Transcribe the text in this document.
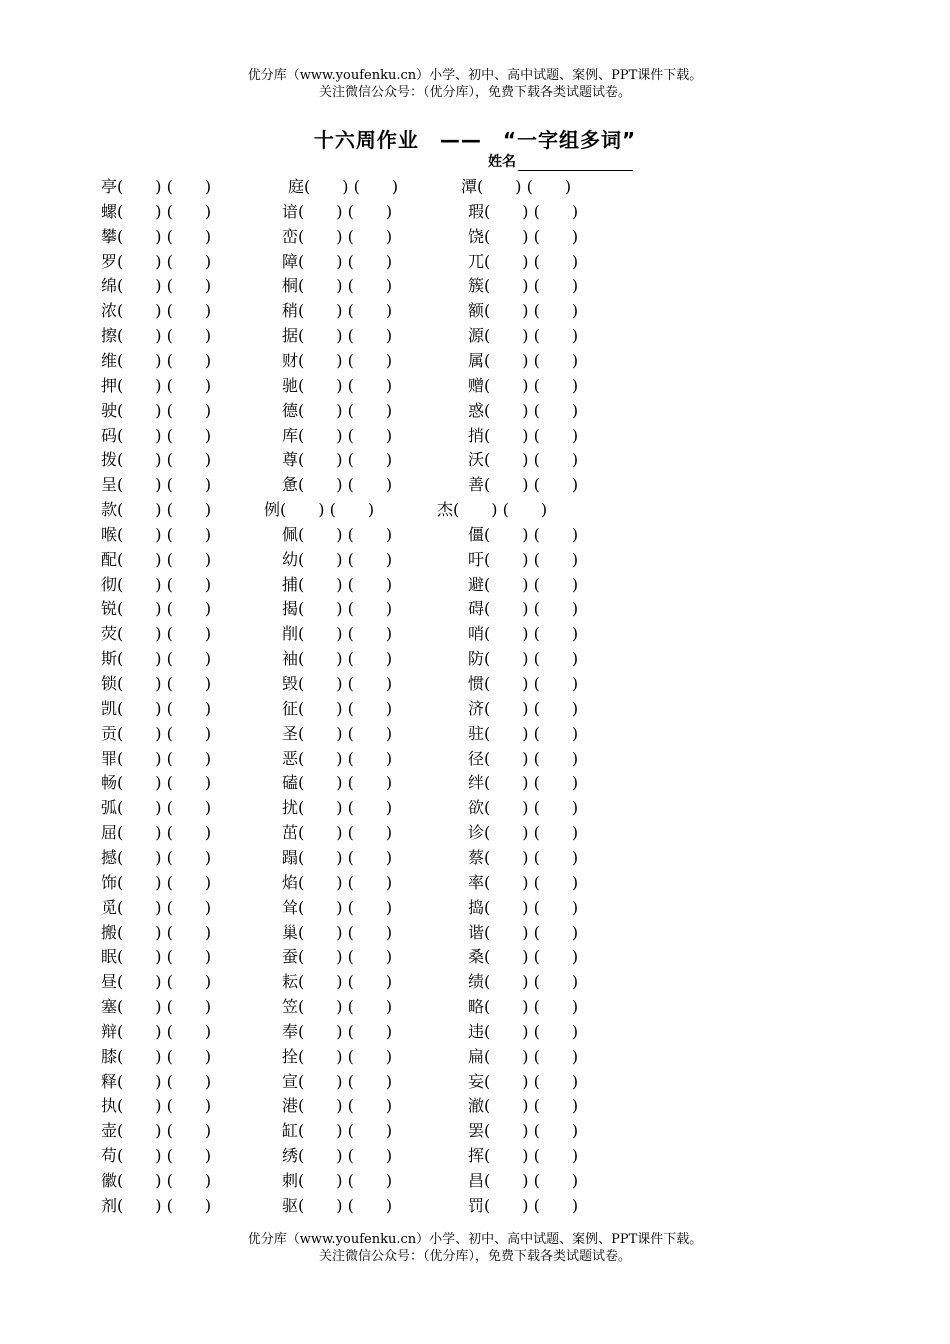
优分库（www.youfenku.cn）小学、初中、高中试题、案例、PPT课件下载。
关注微信公众号：（优分库），免费下载各类试题试卷。
十六周作业　——　“一字组多词”
姓名
亭(　　) (　　)	庭(　　) (　　)	潭(　　) (　　)
螺(　　) (　　)	谙(　　) (　　)	瑕(　　) (　　)
攀(　　) (　　)	峦(　　) (　　)	饶(　　) (　　)
罗(　　) (　　)	障(　　) (　　)	兀(　　) (　　)
绵(　　) (　　)	桐(　　) (　　)	簇(　　) (　　)
浓(　　) (　　)	稍(　　) (　　)	额(　　) (　　)
擦(　　) (　　)	据(　　) (　　)	源(　　) (　　)
维(　　) (　　)	财(　　) (　　)	属(　　) (　　)
押(　　) (　　)	驰(　　) (　　)	赠(　　) (　　)
驶(　　) (　　)	德(　　) (　　)	惑(　　) (　　)
码(　　) (　　)	库(　　) (　　)	捎(　　) (　　)
拨(　　) (　　)	尊(　　) (　　)	沃(　　) (　　)
呈(　　) (　　)	惫(　　) (　　)	善(　　) (　　)
款(　　) (　　)	例(　　) (　　)	杰(　　) (　　)
喉(　　) (　　)	佩(　　) (　　)	僵(　　) (　　)
配(　　) (　　)	幼(　　) (　　)	吁(　　) (　　)
彻(　　) (　　)	捕(　　) (　　)	避(　　) (　　)
锐(　　) (　　)	揭(　　) (　　)	碍(　　) (　　)
荧(　　) (　　)	削(　　) (　　)	哨(　　) (　　)
斯(　　) (　　)	袖(　　) (　　)	防(　　) (　　)
锁(　　) (　　)	毁(　　) (　　)	惯(　　) (　　)
凯(　　) (　　)	征(　　) (　　)	济(　　) (　　)
贡(　　) (　　)	圣(　　) (　　)	驻(　　) (　　)
罪(　　) (　　)	恶(　　) (　　)	径(　　) (　　)
畅(　　) (　　)	磕(　　) (　　)	绊(　　) (　　)
弧(　　) (　　)	扰(　　) (　　)	欲(　　) (　　)
屈(　　) (　　)	茁(　　) (　　)	诊(　　) (　　)
撼(　　) (　　)	蹋(　　) (　　)	蔡(　　) (　　)
饰(　　) (　　)	焰(　　) (　　)	率(　　) (　　)
觅(　　) (　　)	耸(　　) (　　)	捣(　　) (　　)
搬(　　) (　　)	巢(　　) (　　)	谐(　　) (　　)
眠(　　) (　　)	蚕(　　) (　　)	桑(　　) (　　)
昼(　　) (　　)	耘(　　) (　　)	绩(　　) (　　)
塞(　　) (　　)	笠(　　) (　　)	略(　　) (　　)
辩(　　) (　　)	奉(　　) (　　)	违(　　) (　　)
膝(　　) (　　)	拴(　　) (　　)	扁(　　) (　　)
释(　　) (　　)	宣(　　) (　　)	妄(　　) (　　)
执(　　) (　　)	港(　　) (　　)	澈(　　) (　　)
壶(　　) (　　)	缸(　　) (　　)	罢(　　) (　　)
苟(　　) (　　)	绣(　　) (　　)	挥(　　) (　　)
徽(　　) (　　)	刺(　　) (　　)	昌(　　) (　　)
剂(　　) (　　)	驱(　　) (　　)	罚(　　) (　　)
优分库（www.youfenku.cn）小学、初中、高中试题、案例、PPT课件下载。
关注微信公众号：（优分库），免费下载各类试题试卷。
